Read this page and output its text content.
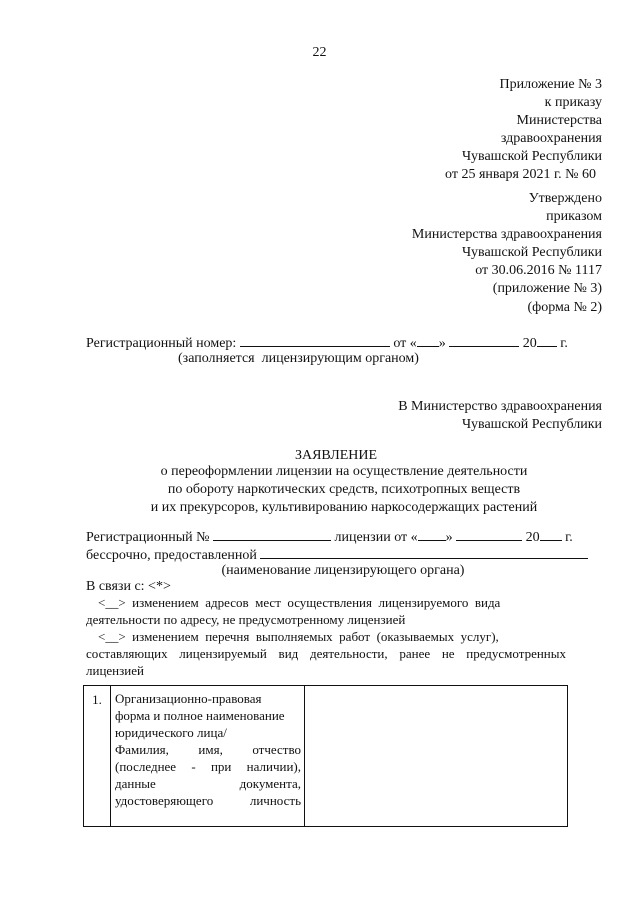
22
Приложение № 3
к приказу
Министерства
здравоохранения
Чувашской Республики
от 25 января 2021 г. № 60
Утверждено
приказом
Министерства здравоохранения
Чувашской Республики
от 30.06.2016 № 1117
(приложение № 3)
(форма № 2)
Регистрационный номер:	от « »	20 г.
(заполняется  лицензирующим органом)
В Министерство здравоохранения
Чувашской Республики
ЗАЯВЛЕНИЕ
о переоформлении лицензии на осуществление деятельности
по обороту наркотических средств, психотропных веществ
и их прекурсоров, культивированию наркосодержащих растений
Регистрационный №	лицензии от « »	20 г.
бессрочно, предоставленной
(наименование лицензирующего органа)
В связи с: <*>
<__> изменением  адресов  мест  осуществления  лицензируемого  вида
деятельности по адресу, не предусмотренному лицензией
<__> изменением  перечня  выполняемых  работ  (оказываемых  услуг),
составляющих лицензируемый вид деятельности, ранее не предусмотренных лицензией
1.	Организационно-правовая
форма и полное наименование
юридического лица/
Фамилия,      имя,      отчество
(последнее  -  при  наличии),
данные                  документа,
удостоверяющего        личность
